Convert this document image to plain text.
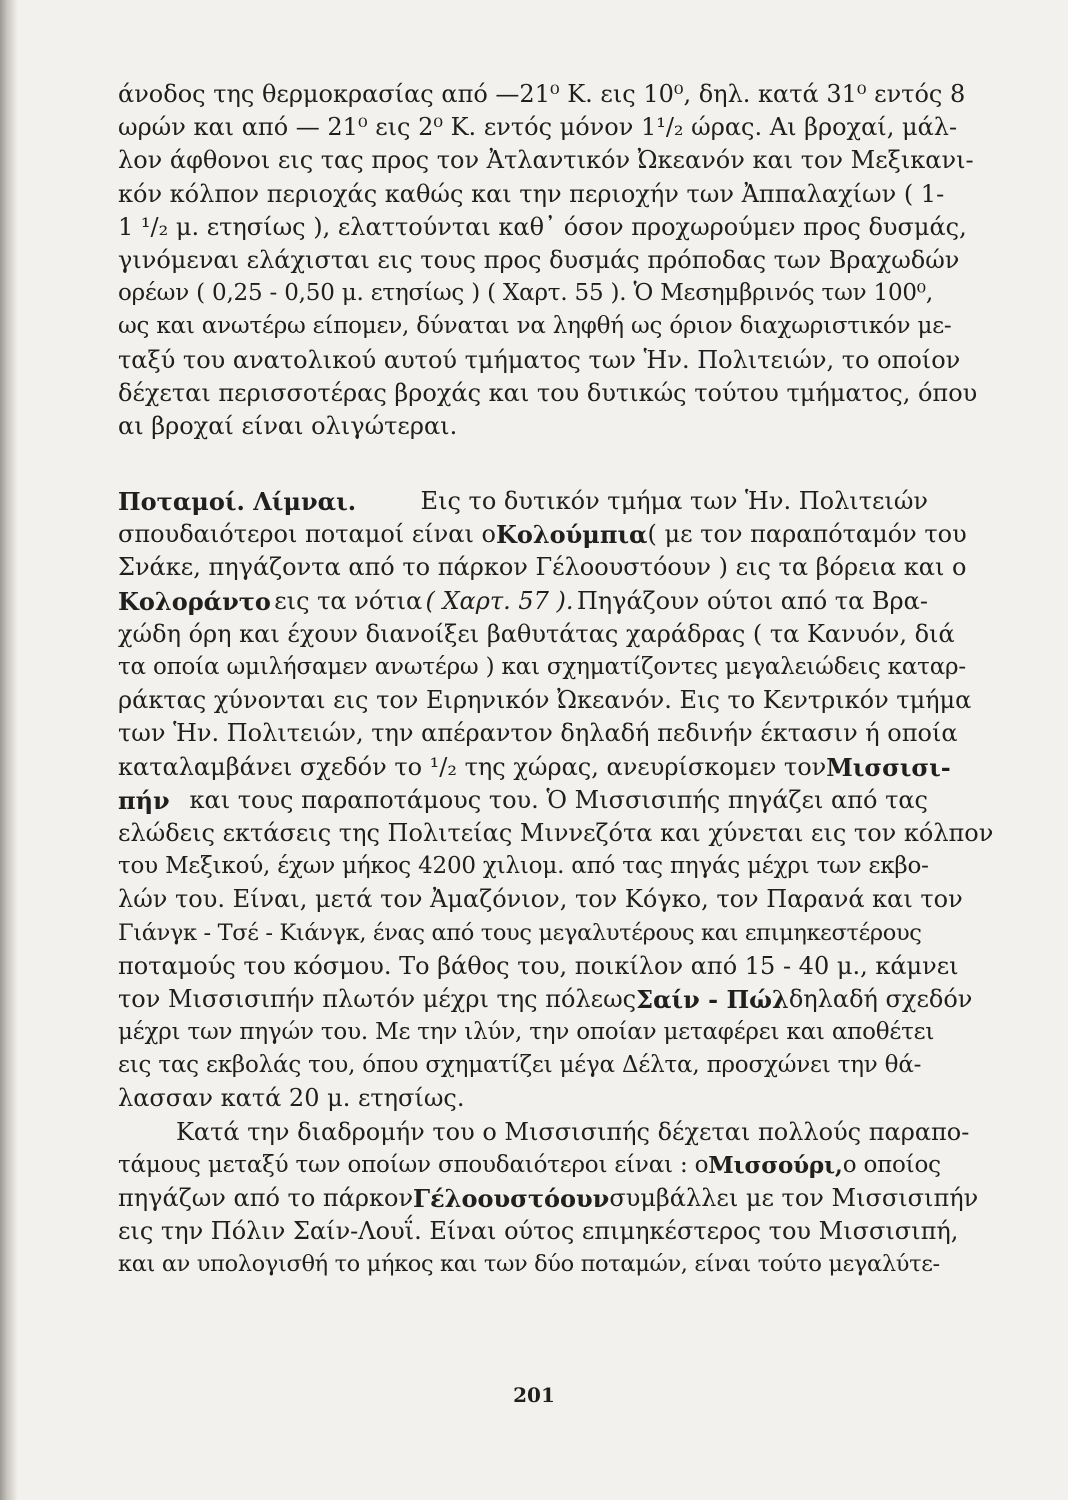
άνοδος της θερμοκρασίας από —21⁰ Κ. εις 10⁰, δηλ. κατά 31⁰ εντός 8
ωρών και από — 21⁰ εις 2⁰ Κ. εντός μόνον 1¹/₂ ώρας. Αι βροχαί, μάλ-
λον άφθονοι εις τας προς τον Ἀτλαντικόν Ὠκεανόν και τον Μεξικανι-
κόν κόλπον περιοχάς καθώς και την περιοχήν των Ἀππαλαχίων ( 1-
1 ¹/₂ μ. ετησίως ), ελαττούνται καθ᾽ όσον προχωρούμεν προς δυσμάς,
γινόμεναι ελάχισται εις τους προς δυσμάς πρόποδας των Βραχωδών
ορέων ( 0,25 - 0,50 μ. ετησίως ) ( Χαρτ. 55 ). Ὁ Μεσημβρινός των 100⁰,
ως και ανωτέρω είπομεν, δύναται να ληφθή ως όριον διαχωριστικόν με-
ταξύ του ανατολικού αυτού τμήματος των Ἡν. Πολιτειών, το οποίον
δέχεται περισσοτέρας βροχάς και του δυτικώς τούτου τμήματος, όπου
αι βροχαί είναι ολιγώτεραι.
Ποταμοί. Λίμναι.	Εις το δυτικόν τμήμα των Ἡν. Πολιτειών
σπουδαιότεροι ποταμοί είναι ο Κολούμπια ( με τον παραπόταμόν του
Σνάκε, πηγάζοντα από το πάρκον Γέλοουστόουν ) εις τα βόρεια και ο
Κολοράντο εις τα νότια ( Χαρτ. 57 ). Πηγάζουν ούτοι από τα Βρα-
χώδη όρη και έχουν διανοίξει βαθυτάτας χαράδρας ( τα Κανυόν, διά
τα οποία ωμιλήσαμεν ανωτέρω ) και σχηματίζοντες μεγαλειώδεις καταρ-
ράκτας χύνονται εις τον Ειρηνικόν Ὠκεανόν. Εις το Κεντρικόν τμήμα
των Ἡν. Πολιτειών, την απέραντον δηλαδή πεδινήν έκτασιν ή οποία
καταλαμβάνει σχεδόν το ¹/₂ της χώρας, ανευρίσκομεν τον Μισσισι-
πήν και τους παραποτάμους του. Ὁ Μισσισιπής πηγάζει από τας
ελώδεις εκτάσεις της Πολιτείας Μιννεζότα και χύνεται εις τον κόλπον
του Μεξικού, έχων μήκος 4200 χιλιομ. από τας πηγάς μέχρι των εκβο-
λών του. Είναι, μετά τον Ἀμαζόνιον, τον Κόγκο, τον Παρανά και τον
Γιάνγκ - Τσέ - Κιάνγκ, ένας από τους μεγαλυτέρους και επιμηκεστέρους
ποταμούς του κόσμου. Το βάθος του, ποικίλον από 15 - 40 μ., κάμνει
τον Μισσισιπήν πλωτόν μέχρι της πόλεως Σαίν - Πώλ δηλαδή σχεδόν
μέχρι των πηγών του. Με την ιλύν, την οποίαν μεταφέρει και αποθέτει
εις τας εκβολάς του, όπου σχηματίζει μέγα Δέλτα, προσχώνει την θά-
λασσαν κατά 20 μ. ετησίως.
Κατά την διαδρομήν του ο Μισσισιπής δέχεται πολλούς παραπο-
τάμους μεταξύ των οποίων σπουδαιότεροι είναι : ο Μισσούρι, ο οποίος
πηγάζων από το πάρκον Γέλοουστόουν συμβάλλει με τον Μισσισιπήν
εις την Πόλιν Σαίν-Λουΐ. Είναι ούτος επιμηκέστερος του Μισσισιπή,
και αν υπολογισθή το μήκος και των δύο ποταμών, είναι τούτο μεγαλύτε-
201
